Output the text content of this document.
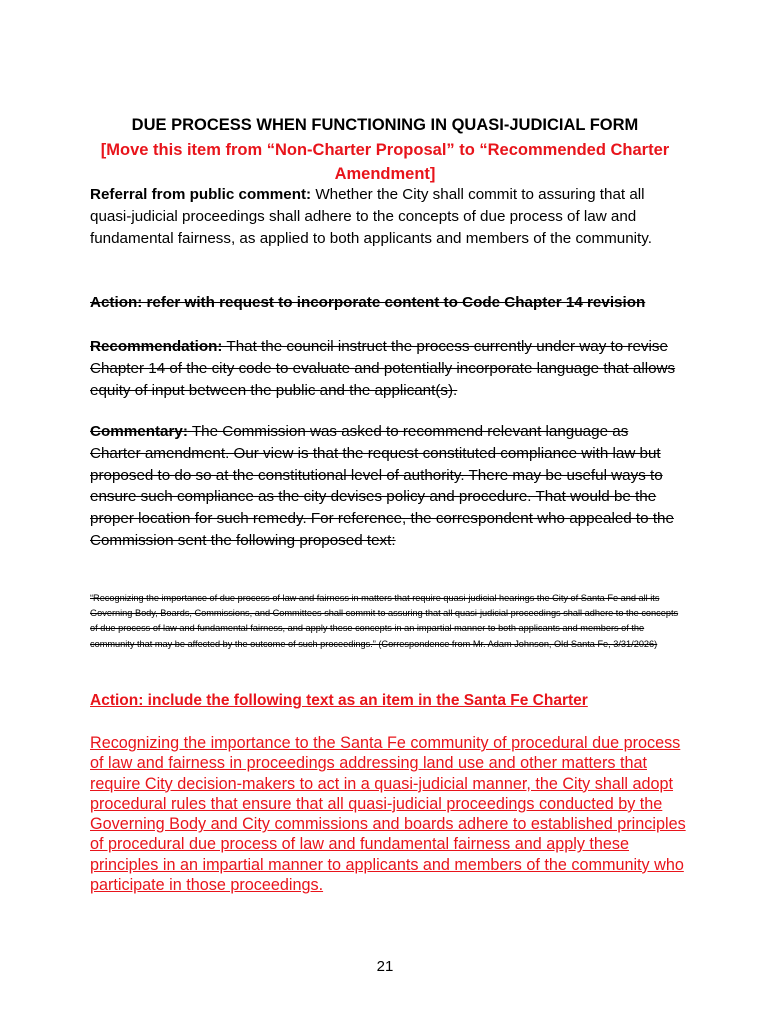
DUE PROCESS WHEN FUNCTIONING IN QUASI-JUDICIAL FORM
[Move this item from “Non-Charter Proposal” to “Recommended Charter Amendment]
Referral from public comment: Whether the City shall commit to assuring that all quasi-judicial proceedings shall adhere to the concepts of due process of law and fundamental fairness, as applied to both applicants and members of the community.
Action: refer with request to incorporate content to Code Chapter 14 revision
Recommendation: That the council instruct the process currently under way to revise Chapter 14 of the city code to evaluate and potentially incorporate language that allows equity of input between the public and the applicant(s).
Commentary: The Commission was asked to recommend relevant language as Charter amendment. Our view is that the request constituted compliance with law but proposed to do so at the constitutional level of authority. There may be useful ways to ensure such compliance as the city devises policy and procedure. That would be the proper location for such remedy. For reference, the correspondent who appealed to the Commission sent the following proposed text:
“Recognizing the importance of due process of law and fairness in matters that require quasi-judicial hearings the City of Santa Fe and all its Governing Body, Boards, Commissions, and Committees shall commit to assuring that all quasi-judicial proceedings shall adhere to the concepts of due process of law and fundamental fairness, and apply these concepts in an impartial manner to both applicants and members of the community that may be affected by the outcome of such proceedings.” (Correspondence from Mr. Adam Johnson, Old Santa Fe, 3/31/2026)
Action: include the following text as an item in the Santa Fe Charter
Recognizing the importance to the Santa Fe community of procedural due process of law and fairness in proceedings addressing land use and other matters that require City decision-makers to act in a quasi-judicial manner, the City shall adopt procedural rules that ensure that all quasi-judicial proceedings conducted by the Governing Body and City commissions and boards adhere to established principles of procedural due process of law and fundamental fairness and apply these principles in an impartial manner to applicants and members of the community who participate in those proceedings.
21
